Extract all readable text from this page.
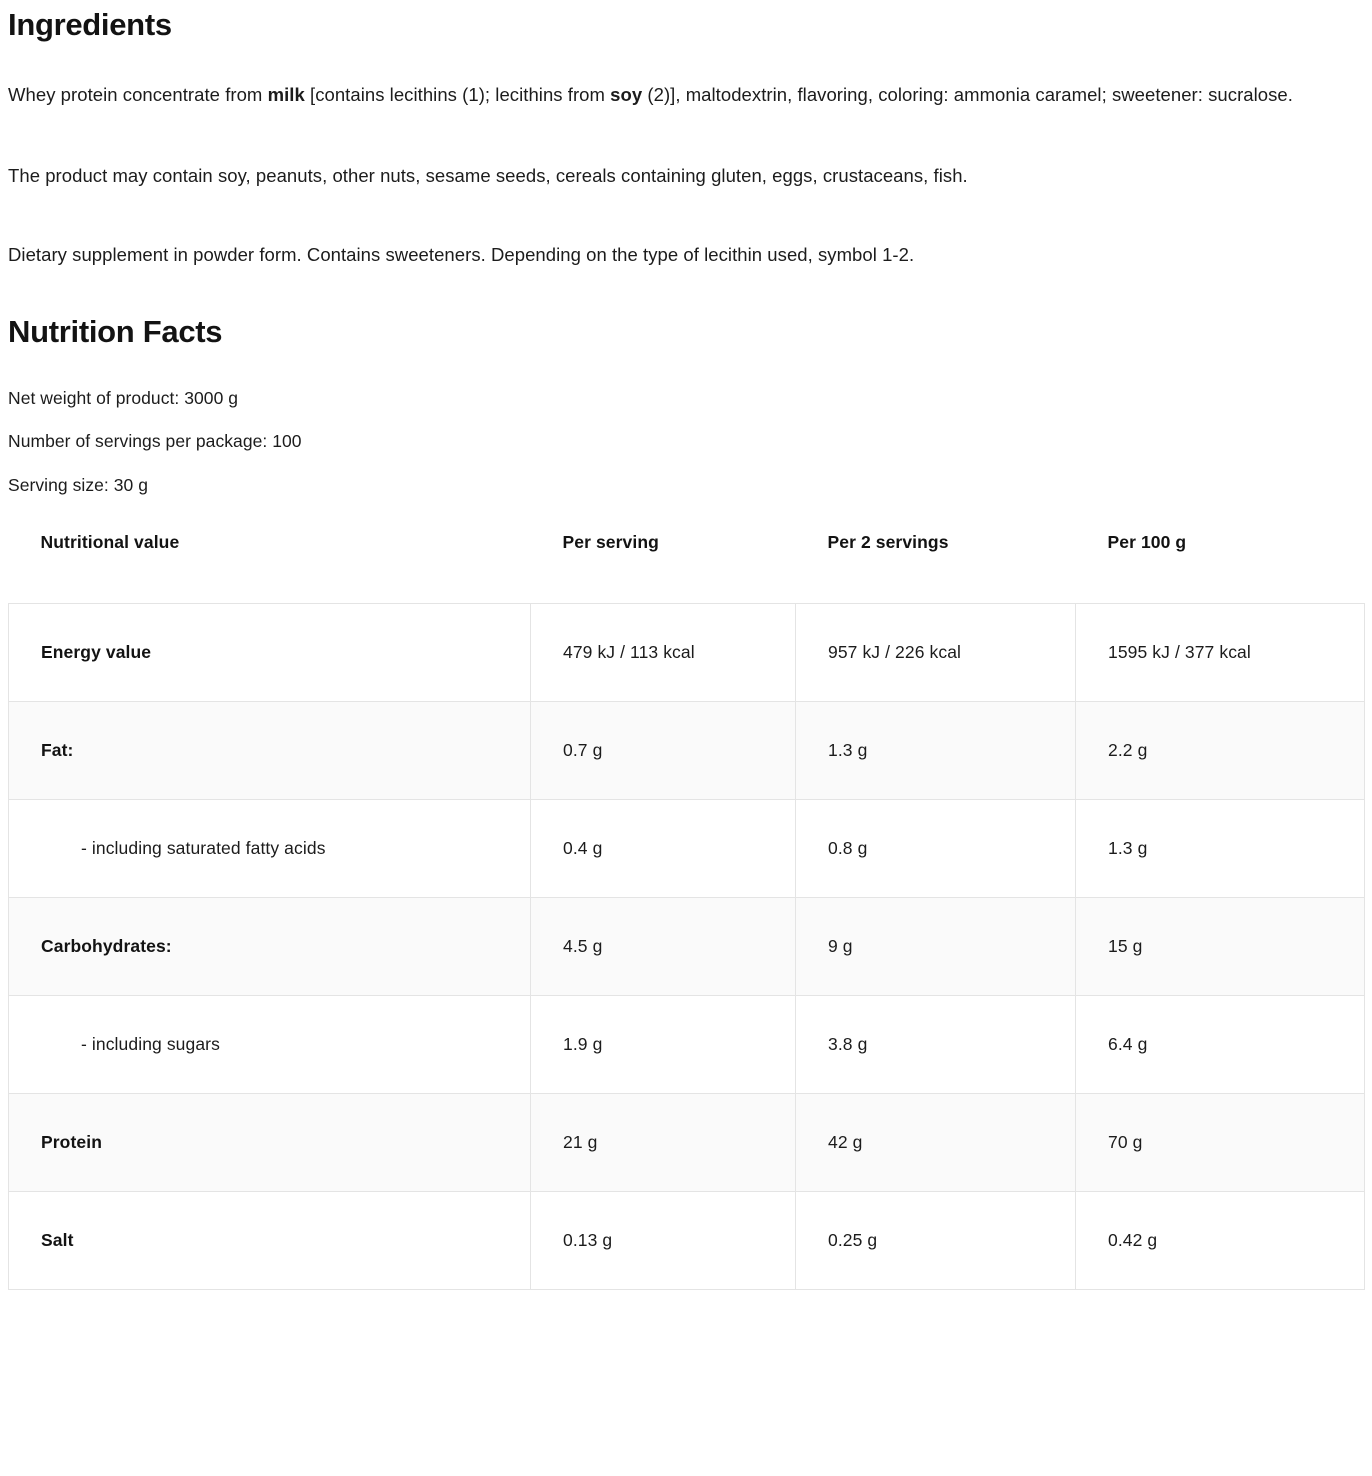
Ingredients

Whey protein concentrate from milk [contains lecithins (1); lecithins from soy (2)], maltodextrin, flavoring, coloring: ammonia caramel; sweetener: sucralose.

The product may contain soy, peanuts, other nuts, sesame seeds, cereals containing gluten, eggs, crustaceans, fish.

Dietary supplement in powder form. Contains sweeteners. Depending on the type of lecithin used, symbol 1-2.

Nutrition Facts
Net weight of product: 3000 g
Number of servings per package: 100
Serving size: 30 g
Nutritional value	Per serving	Per 2 servings	Per 100 g
Energy value	479 kJ / 113 kcal	957 kJ / 226 kcal	1595 kJ / 377 kcal
Fat:	0.7 g	1.3 g	2.2 g
- including saturated fatty acids	0.4 g	0.8 g	1.3 g
Carbohydrates:	4.5 g	9 g	15 g
- including sugars	1.9 g	3.8 g	6.4 g
Protein	21 g	42 g	70 g
Salt	0.13 g	0.25 g	0.42 g
